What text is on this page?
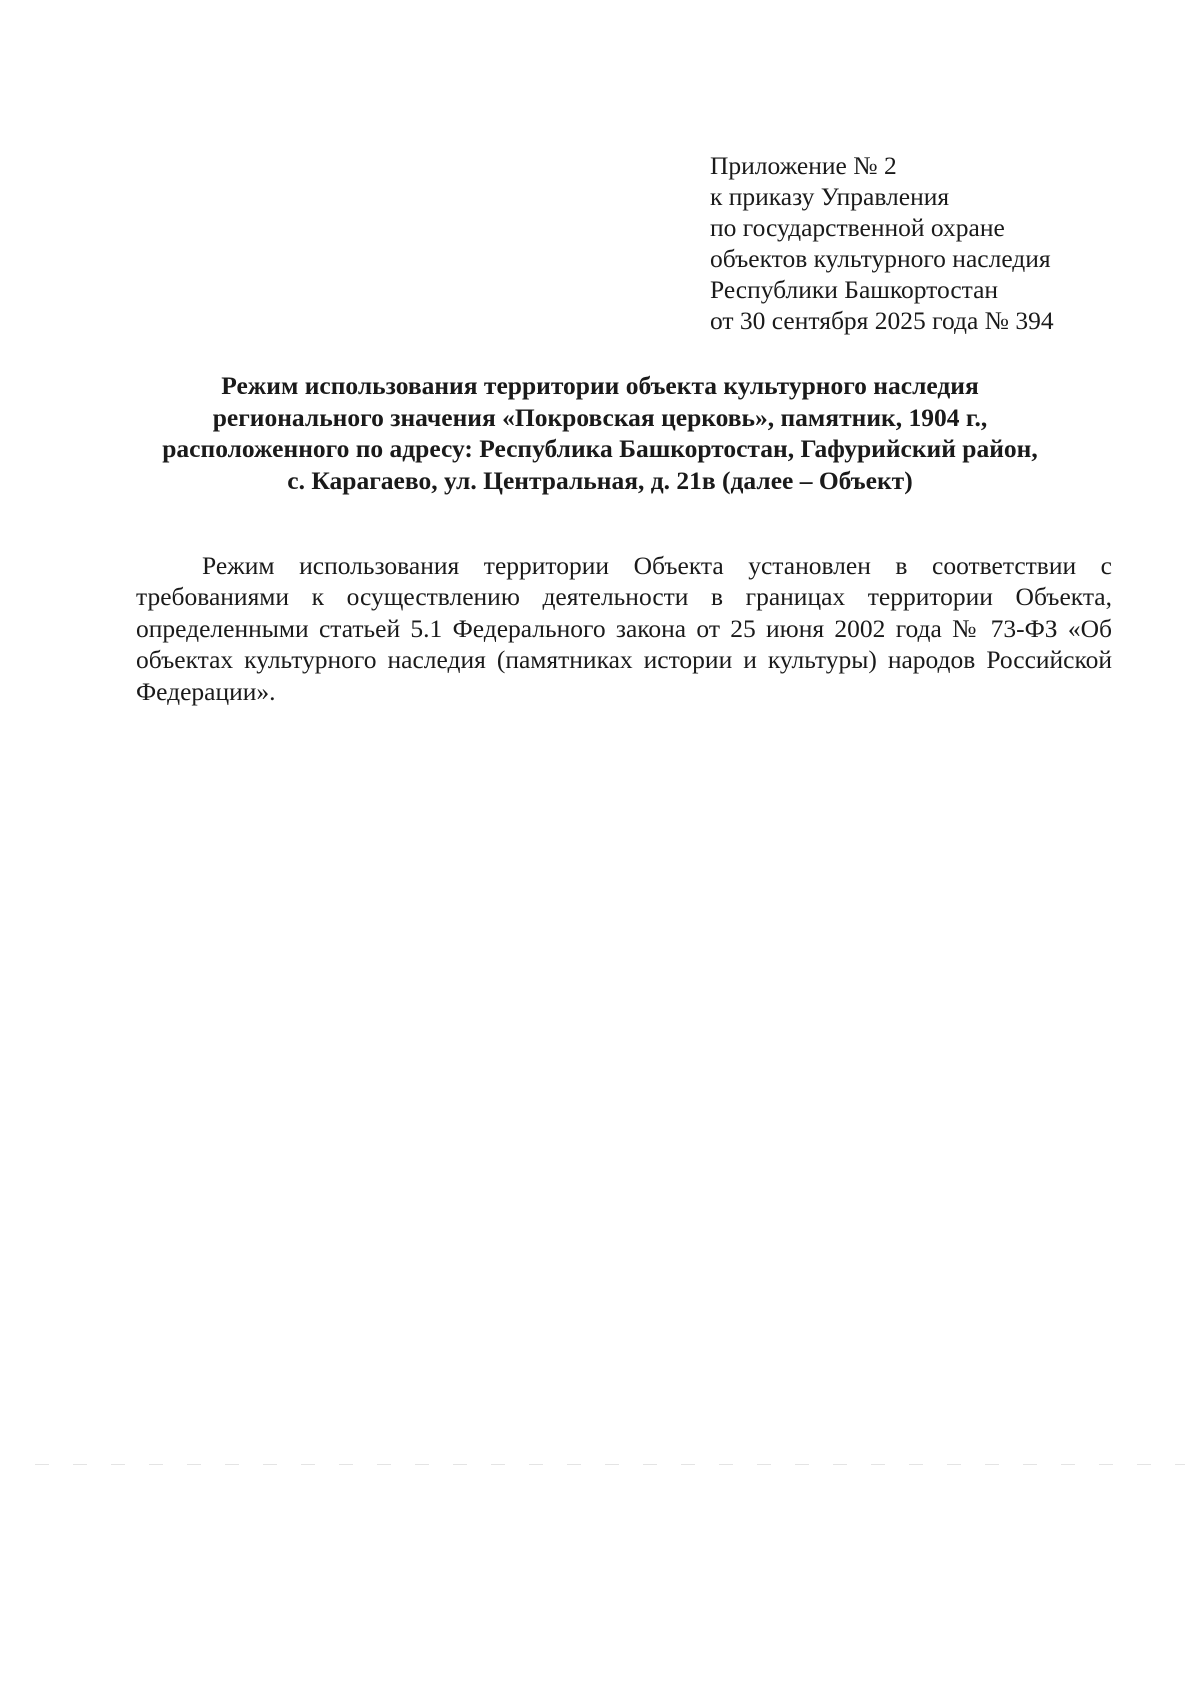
Приложение № 2
к приказу Управления
по государственной охране
объектов культурного наследия
Республики Башкортостан
от 30 сентября 2025 года № 394
Режим использования территории объекта культурного наследия
регионального значения «Покровская церковь», памятник, 1904 г.,
расположенного по адресу: Республика Башкортостан, Гафурийский район,
с. Карагаево, ул. Центральная, д. 21в (далее – Объект)

Режим использования территории Объекта установлен в соответствии с требованиями к осуществлению деятельности в границах территории Объекта, определенными статьей 5.1 Федерального закона от 25 июня 2002 года № 73-ФЗ «Об объектах культурного наследия (памятниках истории и культуры) народов Российской Федерации».
